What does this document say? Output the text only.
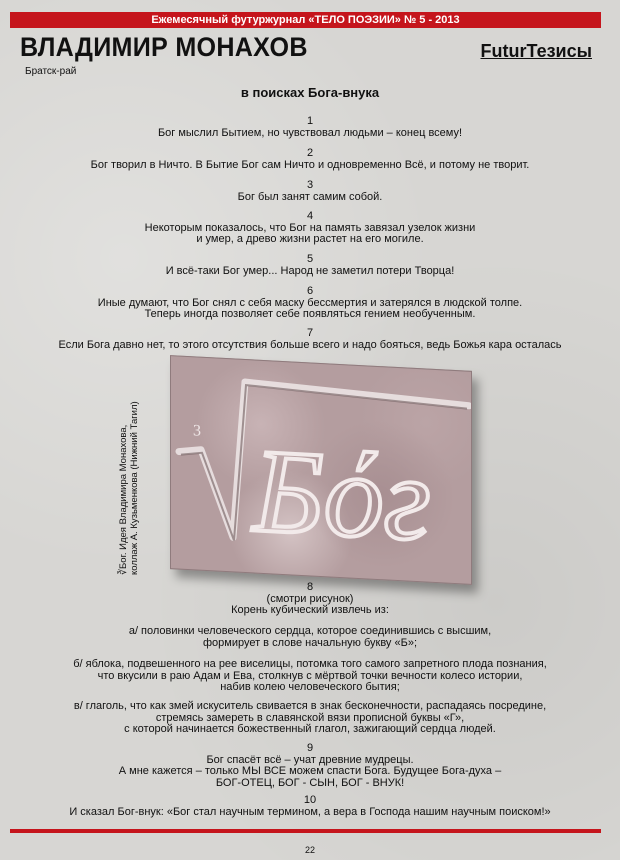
Ежемесячный футуржурнал «ТЕЛО ПОЭЗИИ» № 5 - 2013
ВЛАДИМИР МОНАХОВ
Братск-рай
FuturТезисы
в поисках Бога-внука
1
Бог мыслил Бытием, но чувствовал людьми – конец всему!
2
Бог творил в Ничто. В Бытие Бог сам Ничто и одновременно Всё, и потому не творит.
3
Бог был занят самим собой.
4
Некоторым показалось, что Бог на память завязал узелок жизни
и умер, а древо жизни растет на его могиле.
5
И всё-таки Бог умер... Народ не заметил потери Творца!
6
Иные думают, что Бог снял с себя маску бессмертия и затерялся в людской толпе.
Теперь иногда позволяет себе появляться гением необученным.
7
Если Бога давно нет, то этого отсутствия больше всего и надо бояться, ведь Божья кара осталась
3 Бόг
∛Бог. Идея Владимира Монахова, коллаж А. Кузьменкова (Нижний Тагил)
8
(смотри рисунок)
Корень кубический извлечь из:
а/ половинки человеческого сердца, которое соединившись с высшим,
формирует в слове начальную букву «Б»;
б/ яблока, подвешенного на рее виселицы, потомка того самого запретного плода познания,
что вкусили в раю Адам и Ева, столкнув с мёртвой точки вечности колесо истории,
набив колею человеческого бытия;
в/ глаголь, что как змей искуситель свивается в знак бесконечности, распадаясь посредине,
стремясь замереть в славянской вязи прописной буквы «Г»,
с которой начинается божественный глагол, зажигающий сердца людей.
9
Бог спасёт всё – учат древние мудрецы.
А мне кажется – только МЫ ВСЕ можем спасти Бога. Будущее Бога-духа –
БОГ-ОТЕЦ, БОГ - СЫН, БОГ - ВНУК!
10
И сказал Бог-внук: «Бог стал научным термином, а вера в Господа нашим научным поиском!»
22
